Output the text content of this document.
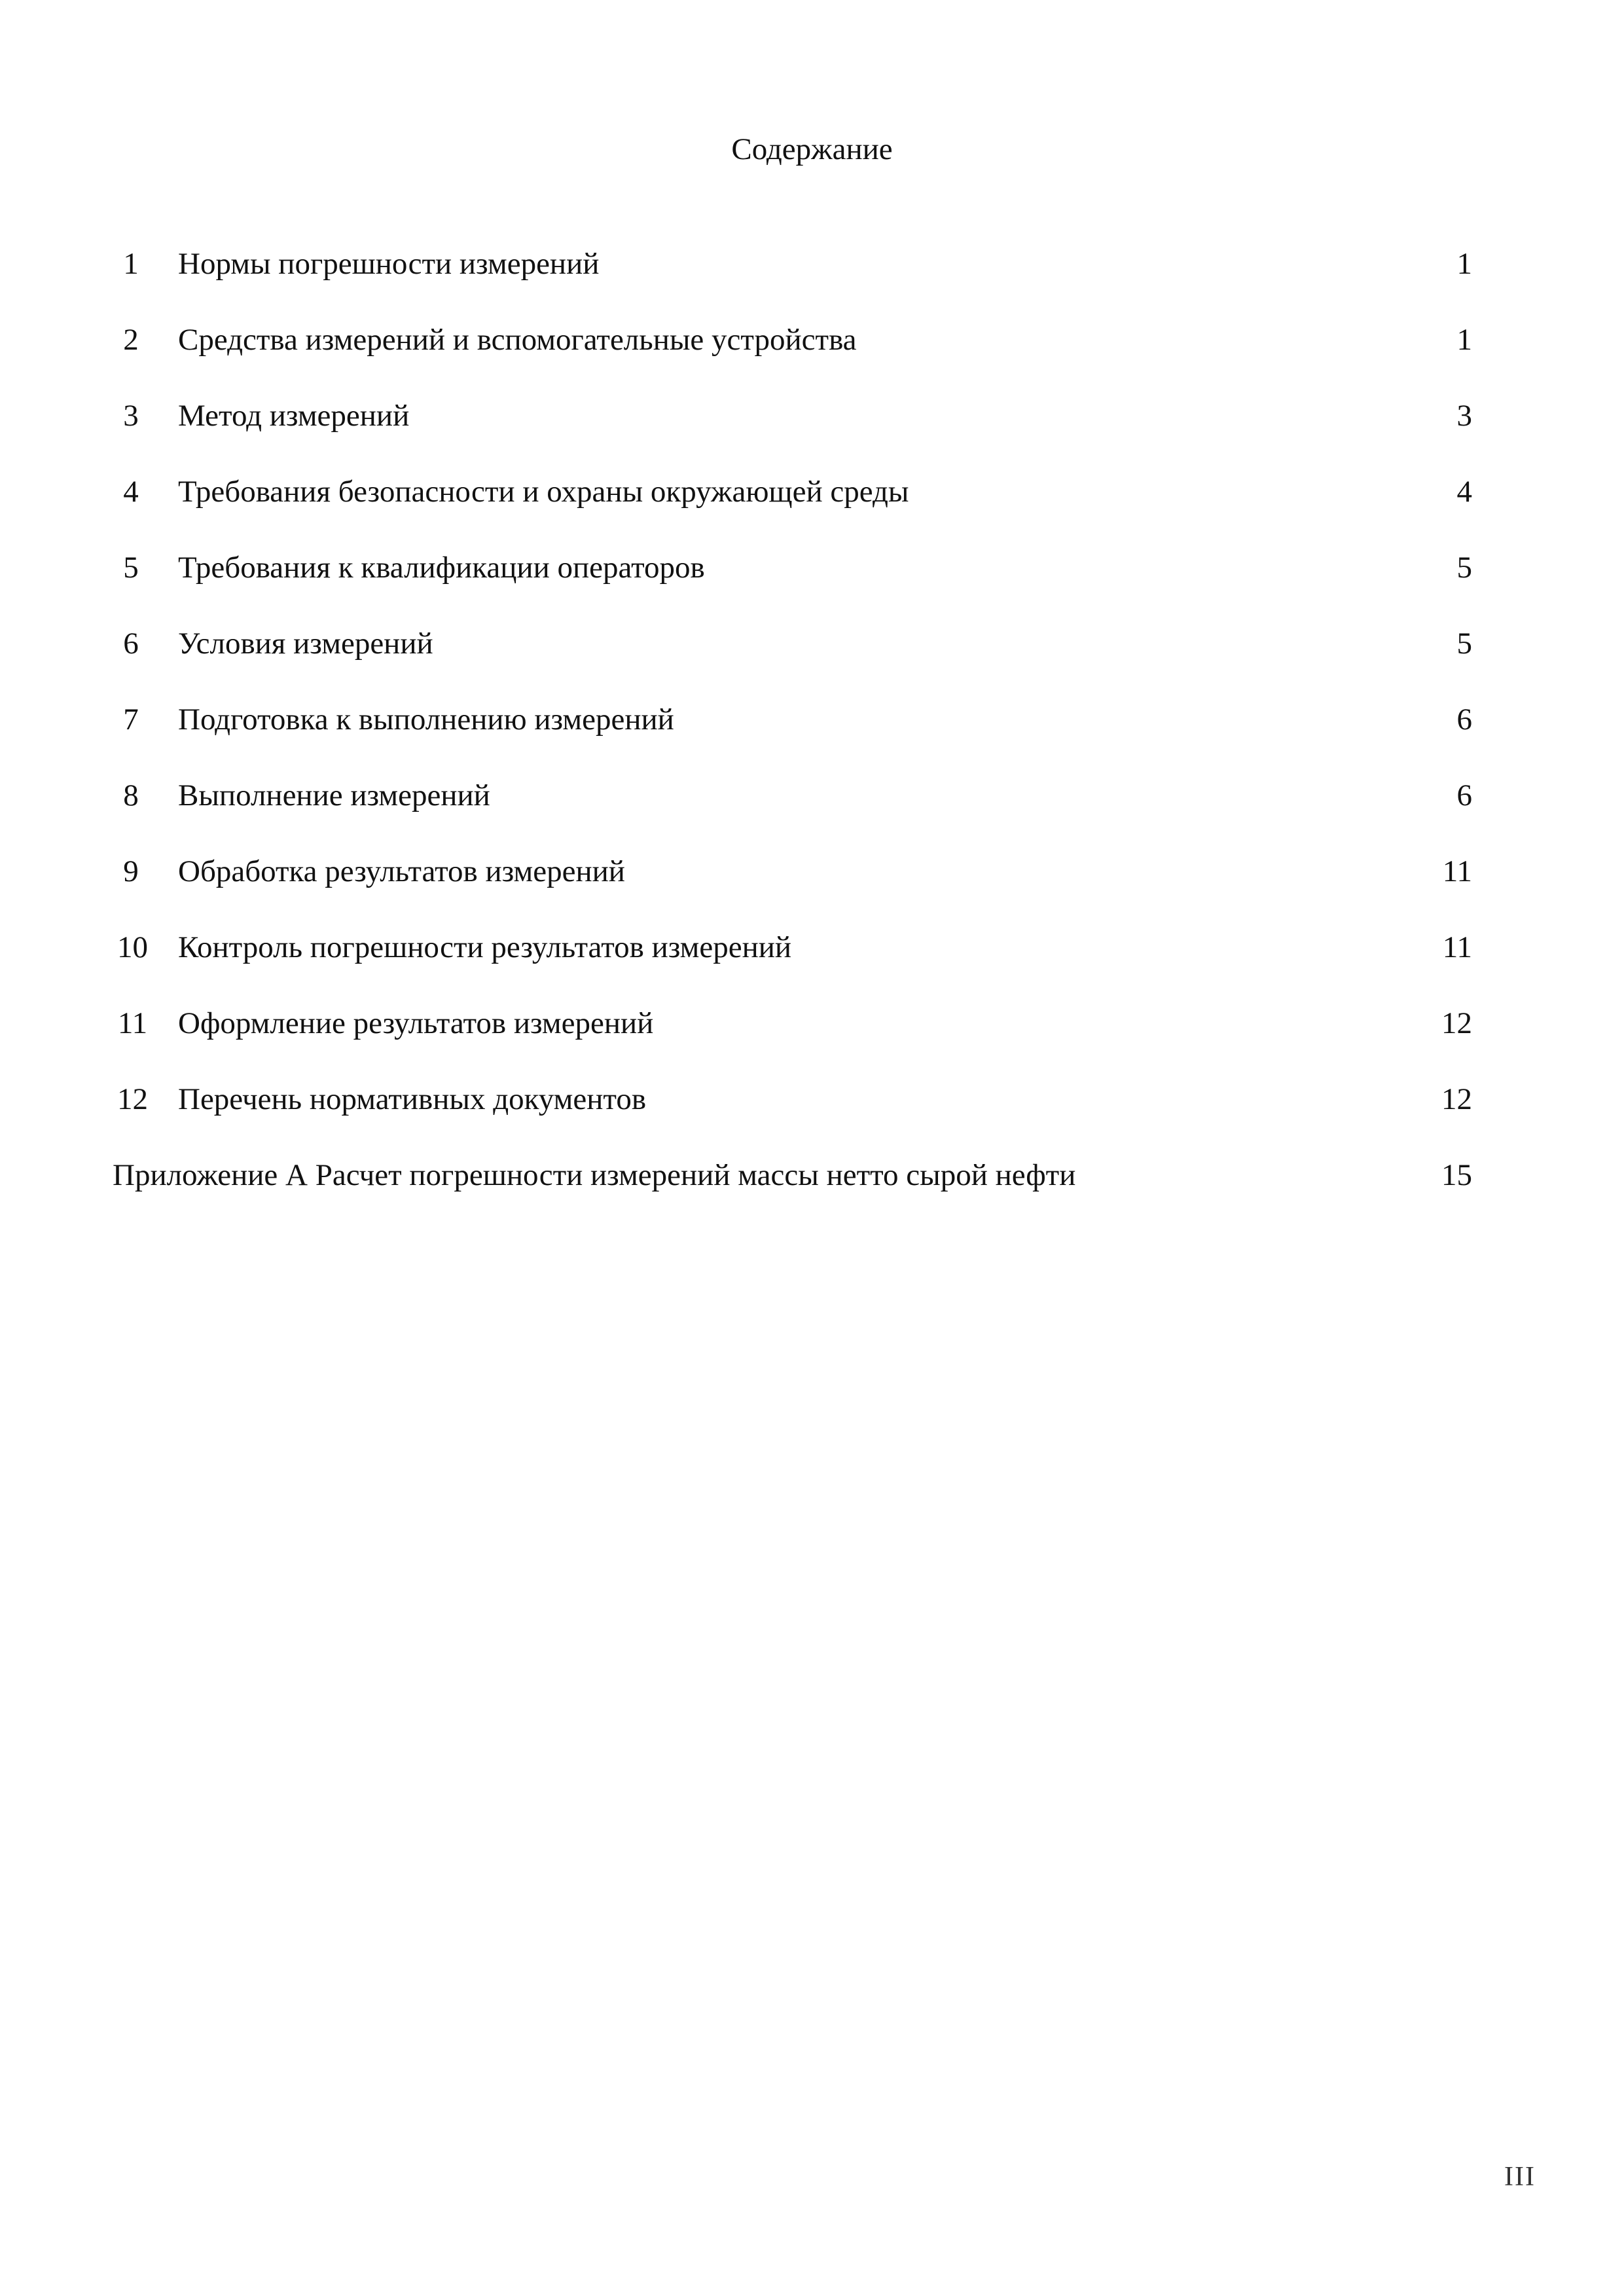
Содержание
1	Нормы погрешности измерений	1
2	Средства измерений и вспомогательные устройства	1
3	Метод измерений	3
4	Требования безопасности и охраны окружающей среды	4
5	Требования к квалификации операторов	5
6	Условия измерений	5
7	Подготовка к выполнению измерений	6
8	Выполнение измерений	6
9	Обработка результатов измерений	11
10 Контроль погрешности результатов измерений	11
11 Оформление результатов измерений	12
12 Перечень нормативных документов	12
Приложение А Расчет погрешности измерений массы нетто сырой нефти	15
III
